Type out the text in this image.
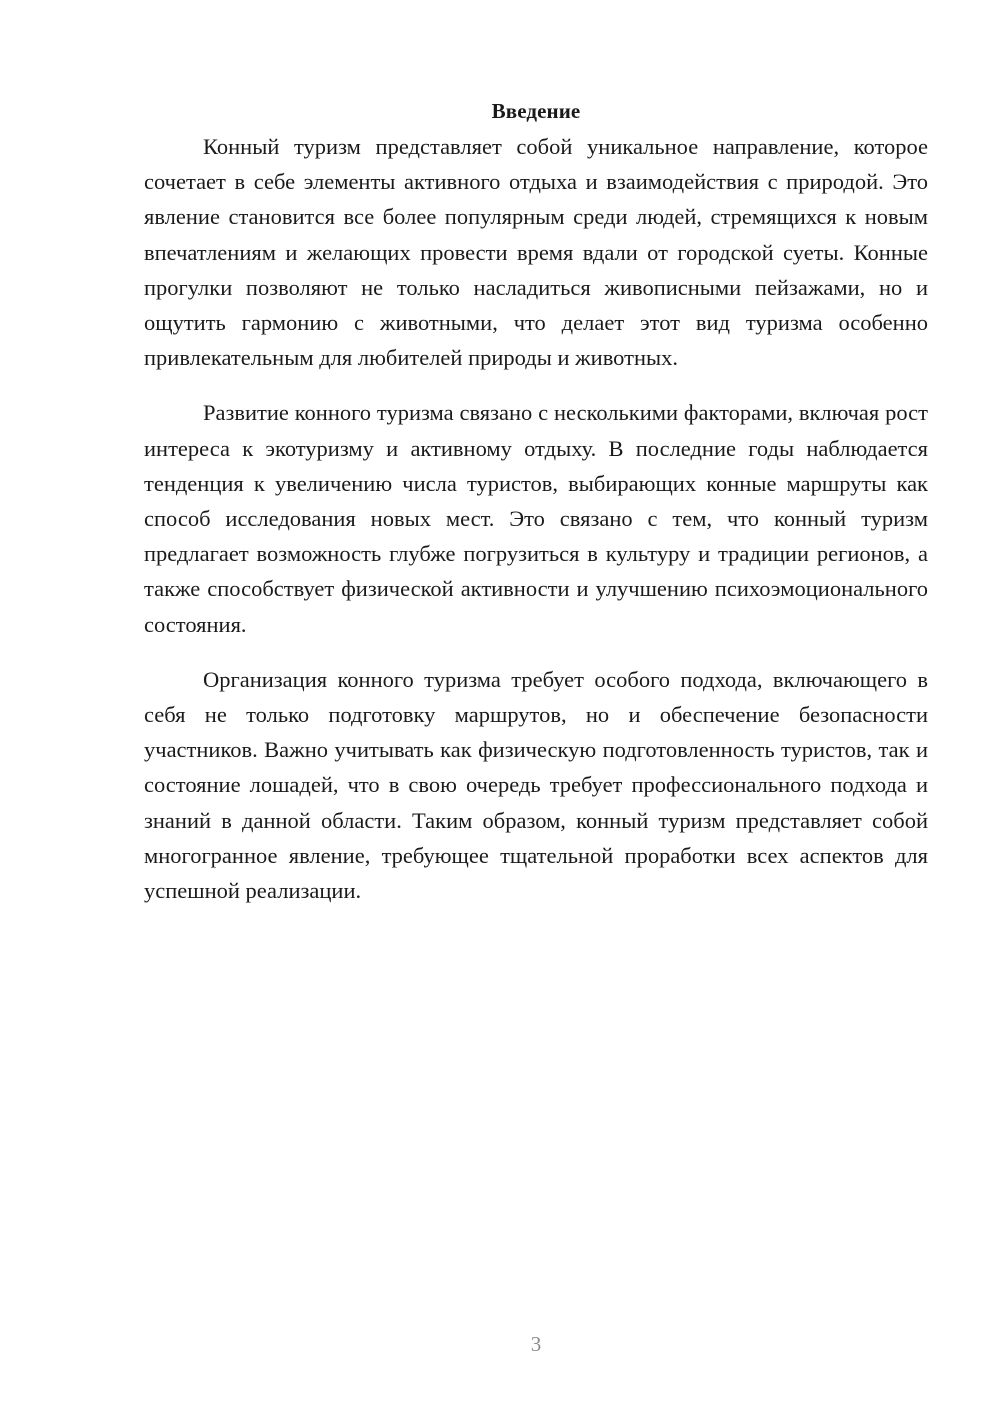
Введение

Конный туризм представляет собой уникальное направление, которое сочетает в себе элементы активного отдыха и взаимодействия с природой. Это явление становится все более популярным среди людей, стремящихся к новым впечатлениям и желающих провести время вдали от городской суеты. Конные прогулки позволяют не только насладиться живописными пейзажами, но и ощутить гармонию с животными, что делает этот вид туризма особенно привлекательным для любителей природы и животных.

Развитие конного туризма связано с несколькими факторами, включая рост интереса к экотуризму и активному отдыху. В последние годы наблюдается тенденция к увеличению числа туристов, выбирающих конные маршруты как способ исследования новых мест. Это связано с тем, что конный туризм предлагает возможность глубже погрузиться в культуру и традиции регионов, а также способствует физической активности и улучшению психоэмоционального состояния.

Организация конного туризма требует особого подхода, включающего в себя не только подготовку маршрутов, но и обеспечение безопасности участников. Важно учитывать как физическую подготовленность туристов, так и состояние лошадей, что в свою очередь требует профессионального подхода и знаний в данной области. Таким образом, конный туризм представляет собой многогранное явление, требующее тщательной проработки всех аспектов для успешной реализации.

3
